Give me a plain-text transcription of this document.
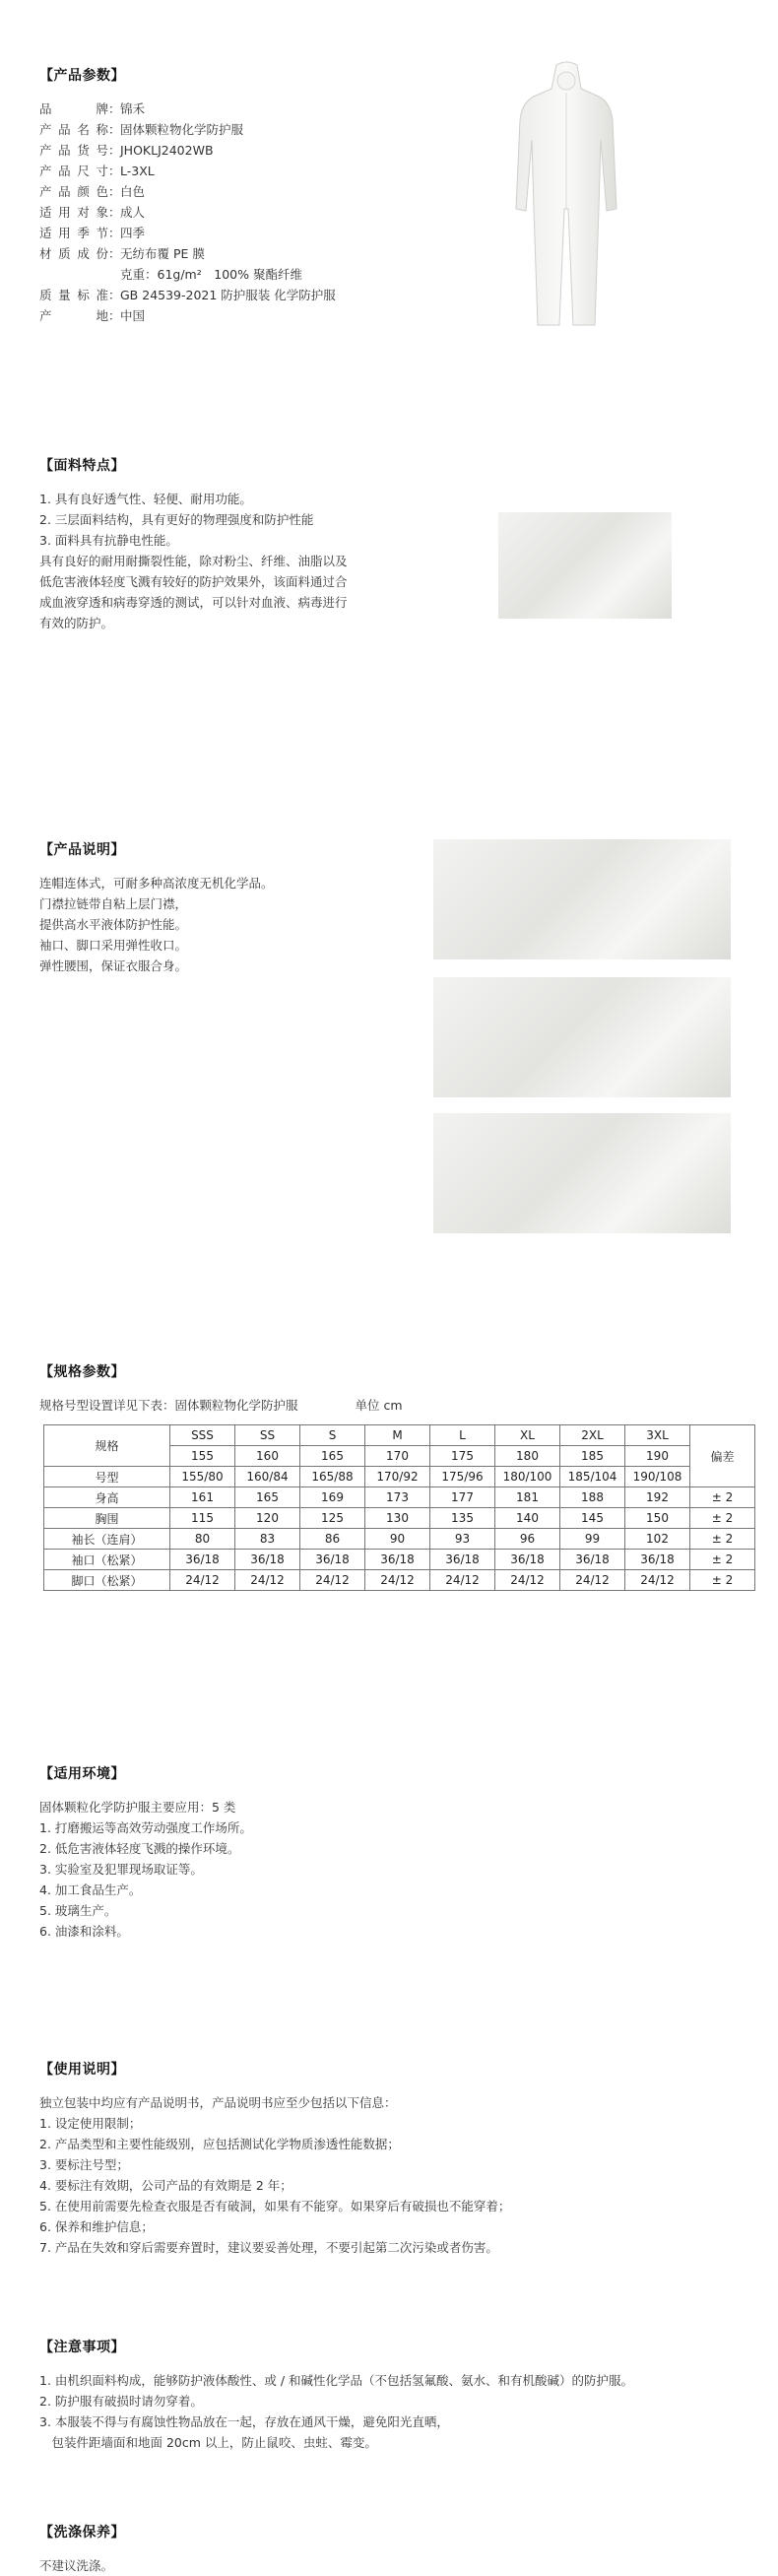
【产品参数】
品　牌：锦禾
产品名称：固体颗粒物化学防护服
产品货号：JHOKLJ2402WB
产品尺寸：L-3XL
产品颜色：白色
适用对象：成人
适用季节：四季
材质成份：无纺布覆 PE 膜
克重：61g/m²　100% 聚酯纤维
质量标准：GB 24539-2021 防护服装 化学防护服
产　地：中国
【面料特点】
1. 具有良好透气性、轻便、耐用功能。
2. 三层面料结构，具有更好的物理强度和防护性能
3. 面料具有抗静电性能。
具有良好的耐用耐撕裂性能，除对粉尘、纤维、油脂以及
低危害液体轻度飞溅有较好的防护效果外，该面料通过合
成血液穿透和病毒穿透的测试，可以针对血液、病毒进行
有效的防护。
【产品说明】
连帽连体式，可耐多种高浓度无机化学品。
门襟拉链带自粘上层门襟，
提供高水平液体防护性能。
袖口、脚口采用弹性收口。
弹性腰围，保证衣服合身。
【规格参数】
规格号型设置详见下表：固体颗粒物化学防护服	单位 cm
规格	SSS	SS	S	M	L	XL	2XL	3XL	偏差
	155	160	165	170	175	180	185	190	
号型	155/80	160/84	165/88	170/92	175/96	180/100	185/104	190/108	
身高	161	165	169	173	177	181	188	192	± 2
胸围	115	120	125	130	135	140	145	150	± 2
袖长（连肩）	80	83	86	90	93	96	99	102	± 2
袖口（松紧）	36/18	36/18	36/18	36/18	36/18	36/18	36/18	36/18	± 2
脚口（松紧）	24/12	24/12	24/12	24/12	24/12	24/12	24/12	24/12	± 2
【适用环境】
固体颗粒化学防护服主要应用：5 类
1. 打磨搬运等高效劳动强度工作场所。
2. 低危害液体轻度飞溅的操作环境。
3. 实验室及犯罪现场取证等。
4. 加工食品生产。
5. 玻璃生产。
6. 油漆和涂料。
【使用说明】
独立包装中均应有产品说明书，产品说明书应至少包括以下信息：
1. 设定使用限制；
2. 产品类型和主要性能级别，应包括测试化学物质渗透性能数据；
3. 要标注号型；
4. 要标注有效期，公司产品的有效期是 2 年；
5. 在使用前需要先检查衣服是否有破洞，如果有不能穿。如果穿后有破损也不能穿着；
6. 保养和维护信息；
7. 产品在失效和穿后需要弃置时，建议要妥善处理，不要引起第二次污染或者伤害。
【注意事项】
1. 由机织面料构成，能够防护液体酸性、或 / 和碱性化学品（不包括氢氟酸、氨水、和有机酸碱）的防护服。
2. 防护服有破损时请勿穿着。
3. 本服装不得与有腐蚀性物品放在一起，存放在通风干燥，避免阳光直晒，
　包装件距墙面和地面 20cm 以上，防止鼠咬、虫蛀、霉变。
【洗涤保养】
不建议洗涤。
